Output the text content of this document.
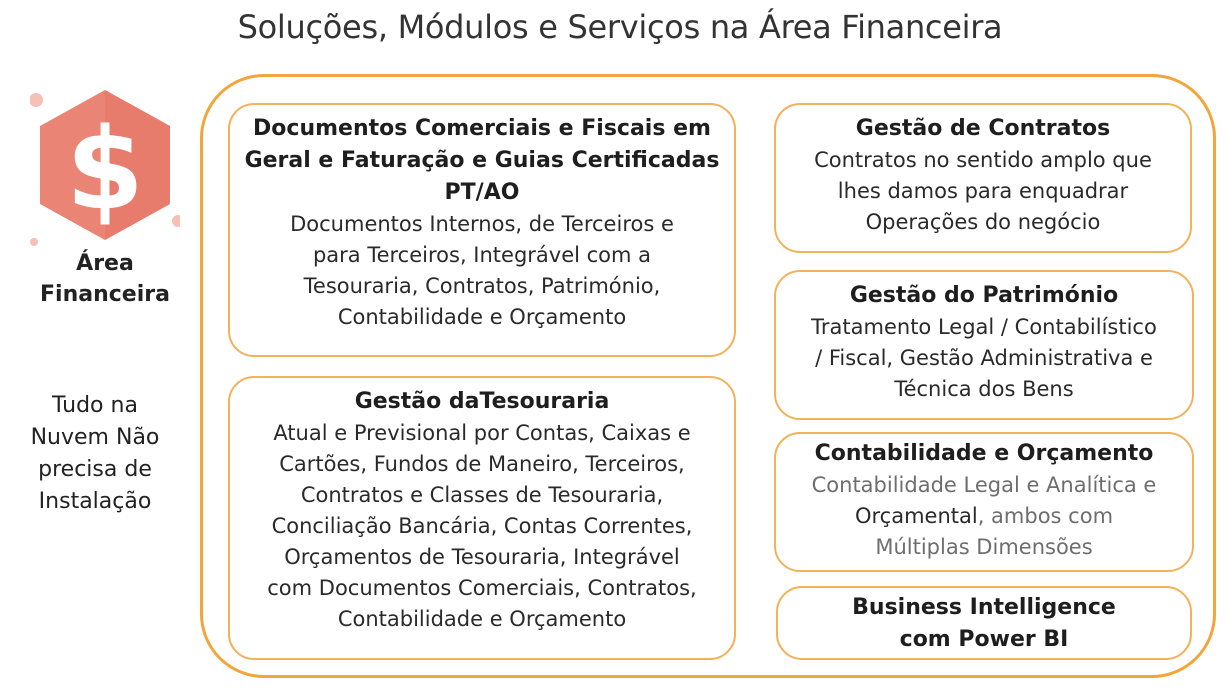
Soluções, Módulos e Serviços na Área Financeira
$
Área Financeira
Tudo na Nuvem Não precisa de Instalação
Documentos Comerciais e Fiscais em
Geral e Faturação e Guias Certificadas
PT/AO
Documentos Internos, de Terceiros e
para Terceiros, Integrável com a
Tesouraria, Contratos, Património,
Contabilidade e Orçamento
Gestão daTesouraria
Atual e Previsional por Contas, Caixas e
Cartões, Fundos de Maneiro, Terceiros,
Contratos e Classes de Tesouraria,
Conciliação Bancária, Contas Correntes,
Orçamentos de Tesouraria, Integrável
com Documentos Comerciais, Contratos,
Contabilidade e Orçamento
Gestão de Contratos
Contratos no sentido amplo que
lhes damos para enquadrar
Operações do negócio
Gestão do Património
Tratamento Legal / Contabilístico
/ Fiscal, Gestão Administrativa e
Técnica dos Bens
Contabilidade e Orçamento
Contabilidade Legal e Analítica e
Orçamental, ambos com
Múltiplas Dimensões
Business Intelligence
com Power BI
